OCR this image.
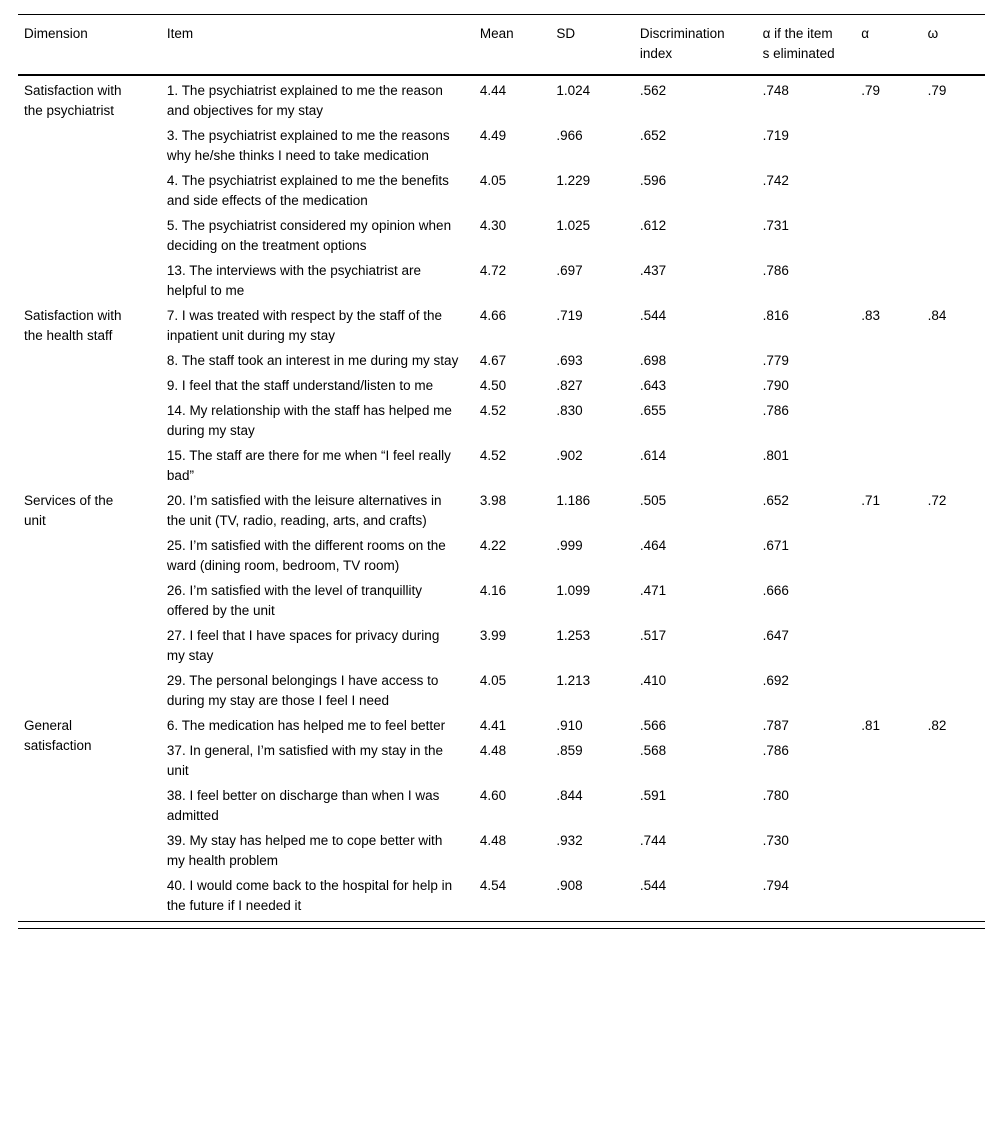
Dimension	Item	Mean	SD	Discrimination index	α if the item s eliminated	α	ω
Satisfaction with the psychiatrist	1. The psychiatrist explained to me the reason and objectives for my stay	4.44	1.024	.562	.748	.79	.79
	3. The psychiatrist explained to me the reasons why he/she thinks I need to take medication	4.49	.966	.652	.719		
	4. The psychiatrist explained to me the benefits and side effects of the medication	4.05	1.229	.596	.742		
	5. The psychiatrist considered my opinion when deciding on the treatment options	4.30	1.025	.612	.731		
	13. The interviews with the psychiatrist are helpful to me	4.72	.697	.437	.786		
Satisfaction with the health staff	7. I was treated with respect by the staff of the inpatient unit during my stay	4.66	.719	.544	.816	.83	.84
	8. The staff took an interest in me during my stay	4.67	.693	.698	.779		
	9. I feel that the staff understand/listen to me	4.50	.827	.643	.790		
	14. My relationship with the staff has helped me during my stay	4.52	.830	.655	.786		
	15. The staff are there for me when “I feel really bad”	4.52	.902	.614	.801		
Services of the unit	20. I’m satisfied with the leisure alternatives in the unit (TV, radio, reading, arts, and crafts)	3.98	1.186	.505	.652	.71	.72
	25. I’m satisfied with the different rooms on the ward (dining room, bedroom, TV room)	4.22	.999	.464	.671		
	26. I’m satisfied with the level of tranquillity offered by the unit	4.16	1.099	.471	.666		
	27. I feel that I have spaces for privacy during my stay	3.99	1.253	.517	.647		
	29. The personal belongings I have access to during my stay are those I feel I need	4.05	1.213	.410	.692		
General satisfaction	6. The medication has helped me to feel better	4.41	.910	.566	.787	.81	.82
	37. In general, I’m satisfied with my stay in the unit	4.48	.859	.568	.786		
	38. I feel better on discharge than when I was admitted	4.60	.844	.591	.780		
	39. My stay has helped me to cope better with my health problem	4.48	.932	.744	.730		
	40. I would come back to the hospital for help in the future if I needed it	4.54	.908	.544	.794		
